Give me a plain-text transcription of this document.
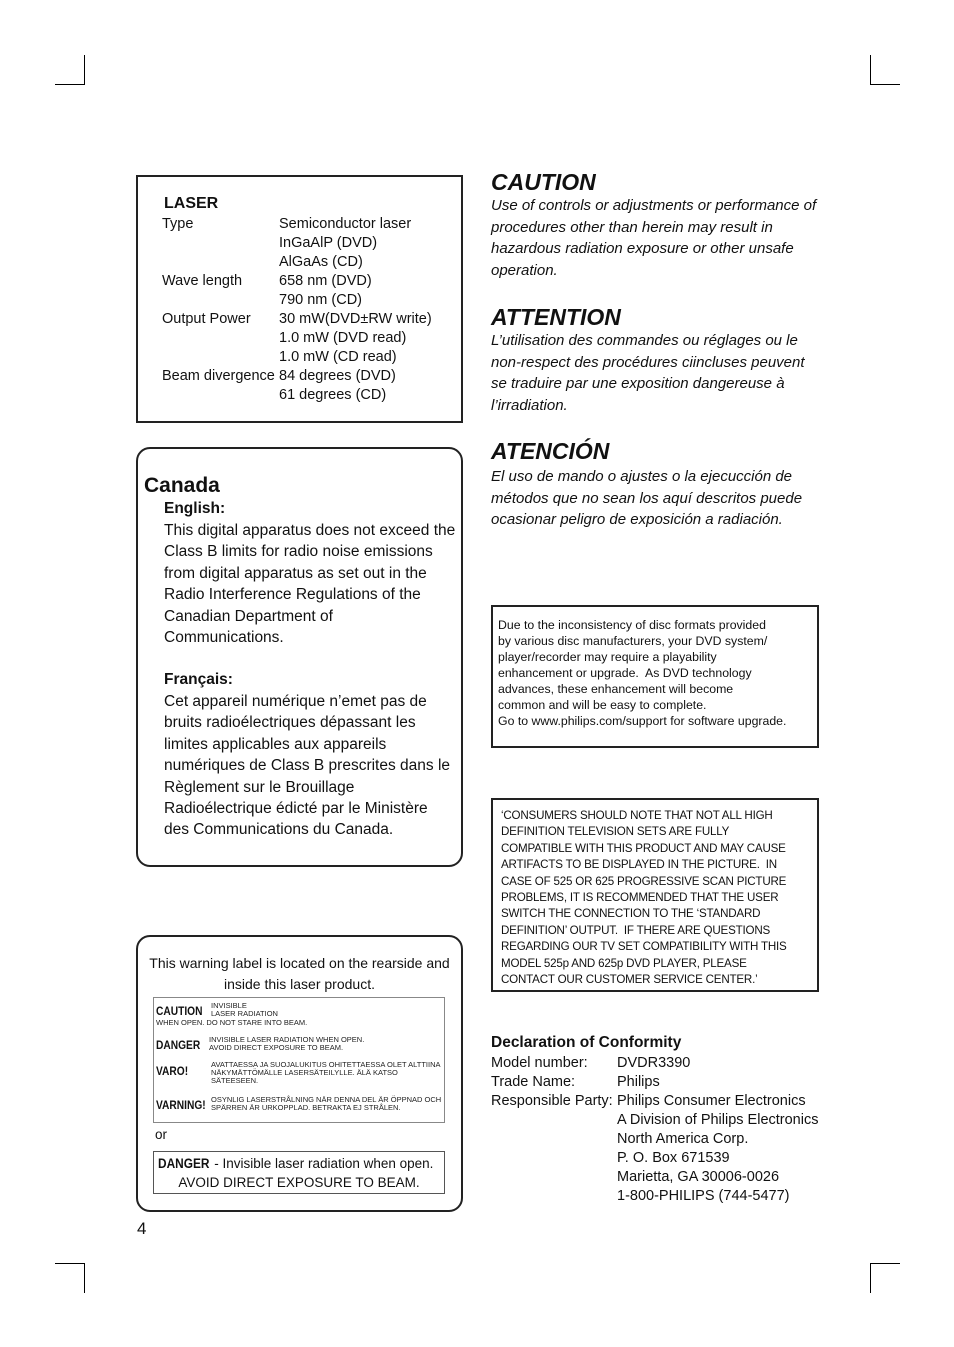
LASER
Type	Semiconductor laser
InGaAlP (DVD)
AlGaAs (CD)
Wave length	658 nm (DVD)
790 nm (CD)
Output Power	30 mW(DVD±RW write)
1.0 mW (DVD read)
1.0 mW (CD read)
Beam divergence 84 degrees (DVD)
61 degrees (CD)
Canada
English:
This digital apparatus does not exceed the Class B limits for radio noise emissions from digital apparatus as set out in the Radio Interference Regulations of the Canadian Department of Communications.
Français:
Cet appareil numérique n’emet pas de bruits radioélectriques dépassant les limites applicables aux appareils numériques de Class B prescrites dans le Règlement sur le Brouillage Radioélectrique édicté par le Ministère des Communications du Canada.
This warning label is located on the rearside and inside this laser product.
CAUTION INVISIBLE
LASER RADIATION
WHEN OPEN. DO NOT STARE INTO BEAM.
DANGER INVISIBLE LASER RADIATION WHEN OPEN.
AVOID DIRECT EXPOSURE TO BEAM.
VARO!	AVATTAESSA JA SUOJALUKITUS OHITETTAESSA OLET ALTTIINA NÄKYMÄTTÖMÄLLE LASERSÄTEILYLLE. ÄLÄ KATSO SÄTEESEEN.
VARNING! OSYNLIG LASERSTRÅLNING NÄR DENNA DEL ÄR ÖPPNAD OCH SPÄRREN ÄR URKOPPLAD. BETRAKTA EJ STRÅLEN.
or
DANGER - Invisible laser radiation when open.
AVOID DIRECT EXPOSURE TO BEAM.
4
CAUTION
Use of controls or adjustments or performance of procedures other than herein may result in hazardous radiation exposure or other unsafe operation.
ATTENTION
L’utilisation des commandes ou réglages ou le non-respect des procédures ciincluses peuvent se traduire par une exposition dangereuse à l’irradiation.
ATENCIÓN
El uso de mando o ajustes o la ejecucción de métodos que no sean los aquí descritos puede ocasionar peligro de exposición a radiación.
Due to the inconsistency of disc formats provided
by various disc manufacturers, your DVD system/
player/recorder may require a playability
enhancement or upgrade.  As DVD technology
advances, these enhancement will become
common and will be easy to complete.
Go to www.philips.com/support for software upgrade.
‘CONSUMERS SHOULD NOTE THAT NOT ALL HIGH
DEFINITION TELEVISION SETS ARE FULLY
COMPATIBLE WITH THIS PRODUCT AND MAY CAUSE
ARTIFACTS TO BE DISPLAYED IN THE PICTURE.  IN
CASE OF 525 OR 625 PROGRESSIVE SCAN PICTURE
PROBLEMS, IT IS RECOMMENDED THAT THE USER
SWITCH THE CONNECTION TO THE ‘STANDARD
DEFINITION’ OUTPUT.  IF THERE ARE QUESTIONS
REGARDING OUR TV SET COMPATIBILITY WITH THIS
MODEL 525p AND 625p DVD PLAYER, PLEASE
CONTACT OUR CUSTOMER SERVICE CENTER.’
Declaration of Conformity
Model number:	DVDR3390
Trade Name:	Philips
Responsible Party: Philips Consumer Electronics
A Division of Philips Electronics
North America Corp.
P. O. Box 671539
Marietta, GA 30006-0026
1-800-PHILIPS (744-5477)
